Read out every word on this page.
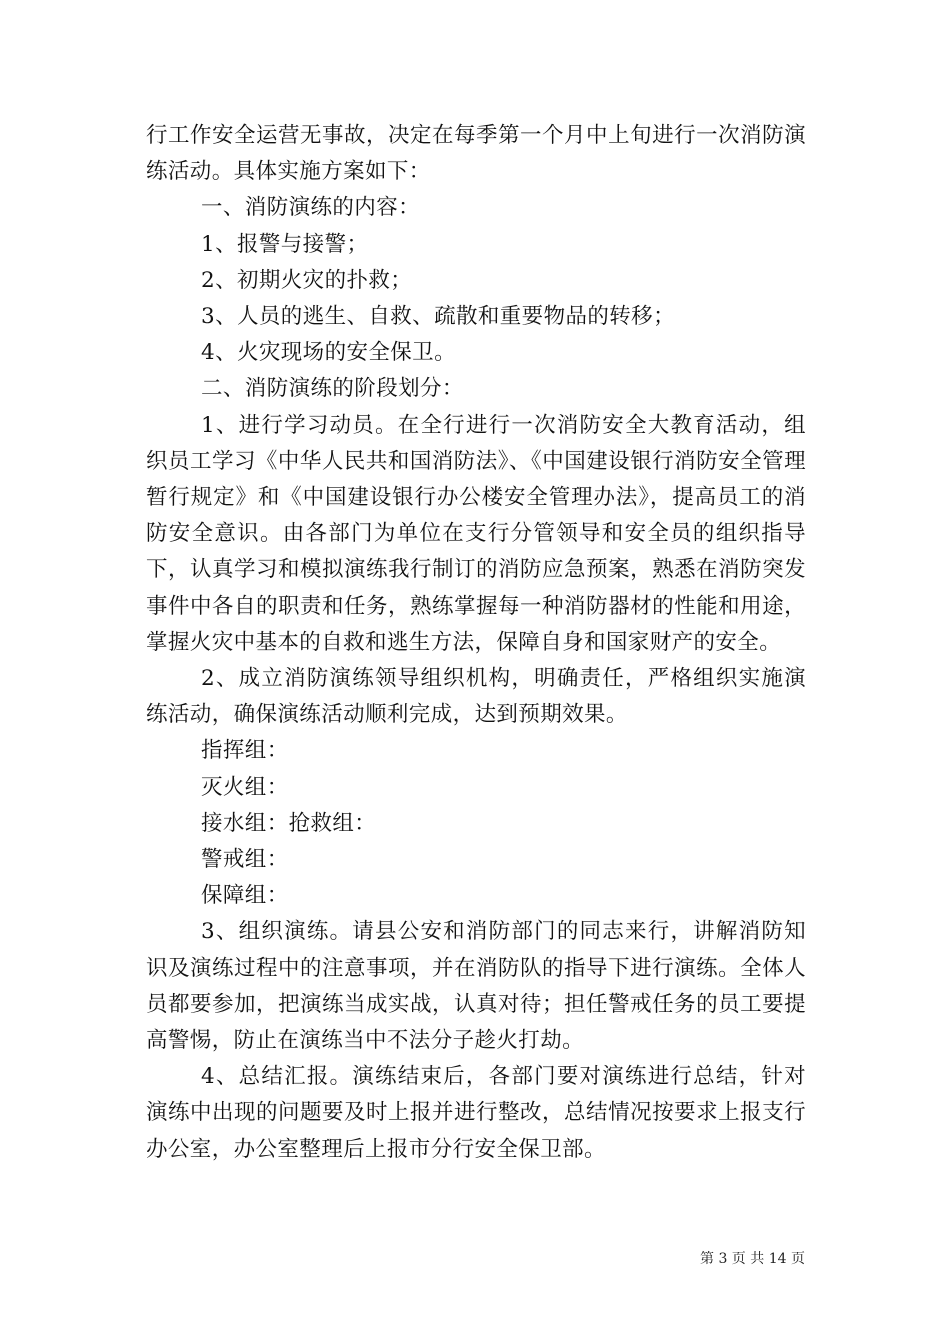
行工作安全运营无事故，决定在每季第一个月中上旬进行一次消防演练活动。具体实施方案如下：

一、消防演练的内容：

1、报警与接警；

2、初期火灾的扑救；

3、人员的逃生、自救、疏散和重要物品的转移；

4、火灾现场的安全保卫。

二、消防演练的阶段划分：

1、进行学习动员。在全行进行一次消防安全大教育活动，组织员工学习《中华人民共和国消防法》、《中国建设银行消防安全管理暂行规定》和《中国建设银行办公楼安全管理办法》，提高员工的消防安全意识。由各部门为单位在支行分管领导和安全员的组织指导下，认真学习和模拟演练我行制订的消防应急预案，熟悉在消防突发事件中各自的职责和任务，熟练掌握每一种消防器材的性能和用途，掌握火灾中基本的自救和逃生方法，保障自身和国家财产的安全。

2、成立消防演练领导组织机构，明确责任，严格组织实施演练活动，确保演练活动顺利完成，达到预期效果。

指挥组：

灭火组：

接水组：抢救组：

警戒组：

保障组：

3、组织演练。请县公安和消防部门的同志来行，讲解消防知识及演练过程中的注意事项，并在消防队的指导下进行演练。全体人员都要参加，把演练当成实战，认真对待；担任警戒任务的员工要提高警惕，防止在演练当中不法分子趁火打劫。

4、总结汇报。演练结束后，各部门要对演练进行总结，针对演练中出现的问题要及时上报并进行整改，总结情况按要求上报支行办公室，办公室整理后上报市分行安全保卫部。

第 3 页 共 14 页
